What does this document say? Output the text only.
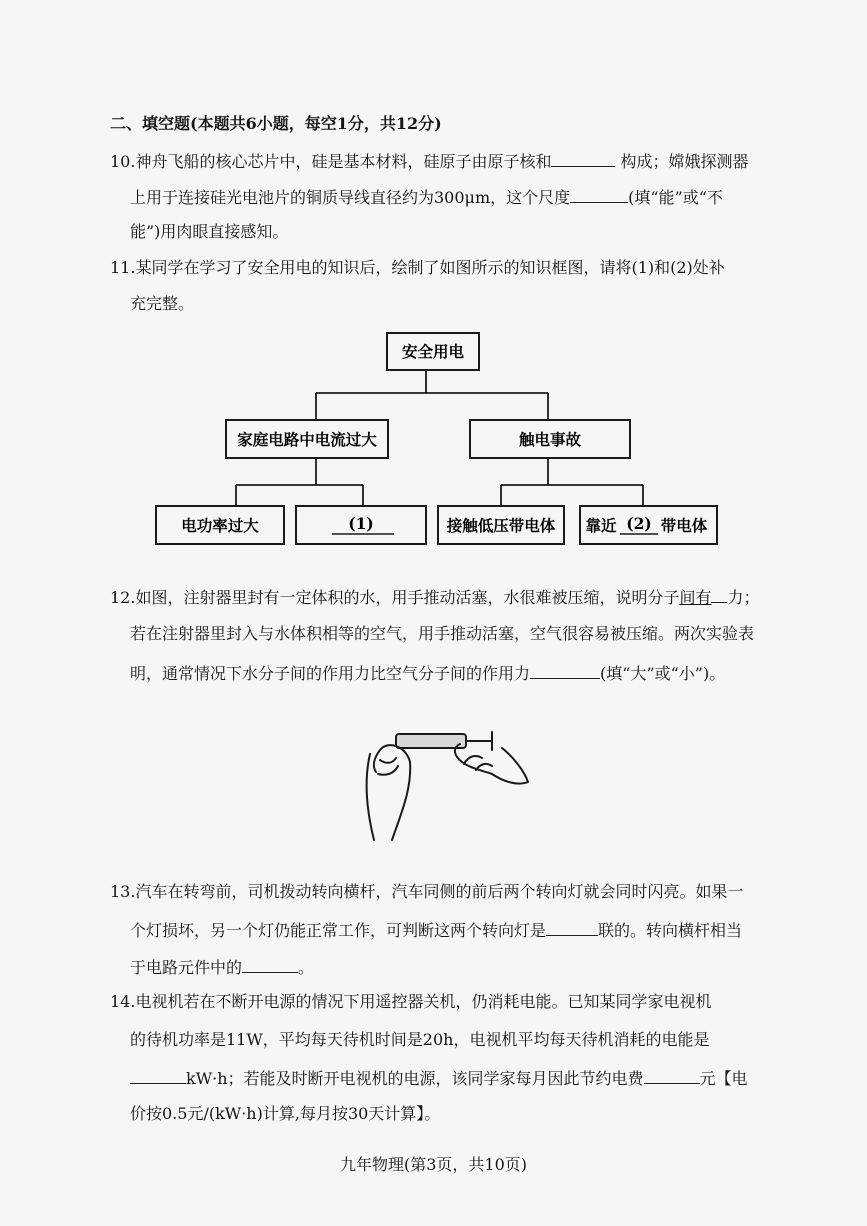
二、填空题(本题共6小题，每空1分，共12分)
10.神舟飞船的核心芯片中，硅是基本材料，硅原子由原子核和	构成；嫦娥探测器
上用于连接硅光电池片的铜质导线直径约为300μm，这个尺度	(填“能”或“不
能”)用肉眼直接感知。
11.某同学在学习了安全用电的知识后，绘制了如图所示的知识框图，请将(1)和(2)处补
充完整。
安全用电
家庭电路中电流过大	触电事故
电功率过大	(1)	接触低压带电体 靠近 (2) 带电体
12.如图，注射器里封有一定体积的水，用手推动活塞，水很难被压缩，说明分子间有 力；
若在注射器里封入与水体积相等的空气，用手推动活塞，空气很容易被压缩。两次实验表
明，通常情况下水分子间的作用力比空气分子间的作用力	(填“大”或“小”)。
13.汽车在转弯前，司机拨动转向横杆，汽车同侧的前后两个转向灯就会同时闪亮。如果一
个灯损坏，另一个灯仍能正常工作，可判断这两个转向灯是	联的。转向横杆相当
于电路元件中的	。
14.电视机若在不断开电源的情况下用遥控器关机，仍消耗电能。已知某同学家电视机
的待机功率是11W，平均每天待机时间是20h，电视机平均每天待机消耗的电能是
kW·h；若能及时断开电视机的电源，该同学家每月因此节约电费	元【电
价按0.5元/(kW·h)计算,每月按30天计算】。
九年物理(第3页，共10页)
